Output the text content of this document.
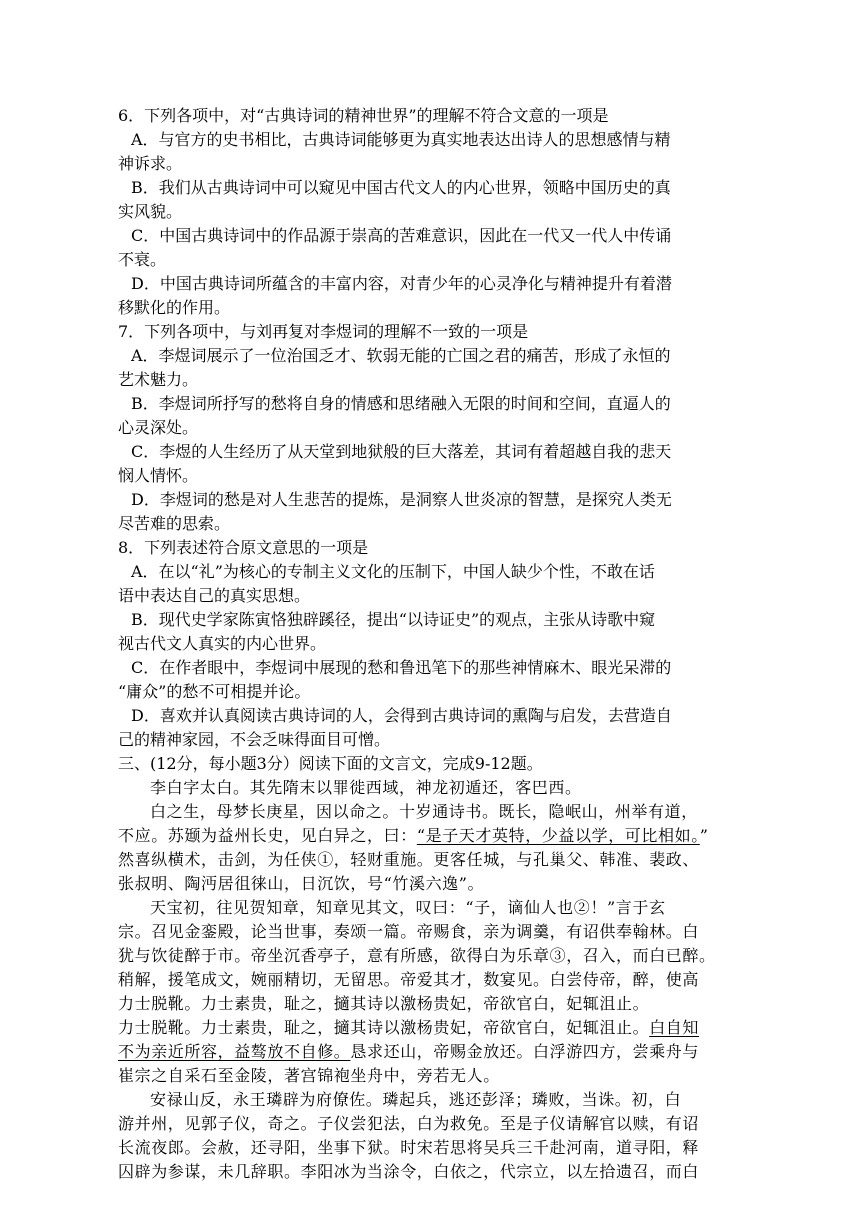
6．下列各项中，对“古典诗词的精神世界”的理解不符合文意的一项是
A．与官方的史书相比，古典诗词能够更为真实地表达出诗人的思想感情与精
神诉求。
B．我们从古典诗词中可以窥见中国古代文人的内心世界，领略中国历史的真
实风貌。
C．中国古典诗词中的作品源于崇高的苦难意识，因此在一代又一代人中传诵
不衰。
D．中国古典诗词所蕴含的丰富内容，对青少年的心灵净化与精神提升有着潜
移默化的作用。
7．下列各项中，与刘再复对李煜词的理解不一致的一项是
A．李煜词展示了一位治国乏才、软弱无能的亡国之君的痛苦，形成了永恒的
艺术魅力。
B．李煜词所抒写的愁将自身的情感和思绪融入无限的时间和空间，直逼人的
心灵深处。
C．李煜的人生经历了从天堂到地狱般的巨大落差，其词有着超越自我的悲天
悯人情怀。
D．李煜词的愁是对人生悲苦的提炼，是洞察人世炎凉的智慧，是探究人类无
尽苦难的思索。
8．下列表述符合原文意思的一项是
A．在以“礼”为核心的专制主义文化的压制下，中国人缺少个性，不敢在话
语中表达自己的真实思想。
B．现代史学家陈寅恪独辟蹊径，提出“以诗证史”的观点，主张从诗歌中窥
视古代文人真实的内心世界。
C．在作者眼中，李煜词中展现的愁和鲁迅笔下的那些神情麻木、眼光呆滞的
“庸众”的愁不可相提并论。
D．喜欢并认真阅读古典诗词的人，会得到古典诗词的熏陶与启发，去营造自
己的精神家园，不会乏味得面目可憎。
三、(12分，每小题3分）阅读下面的文言文，完成9-12题。
李白字太白。其先隋末以罪徙西域，神龙初遁还，客巴西。
白之生，母梦长庚星，因以命之。十岁通诗书。既长，隐岷山，州举有道，
不应。苏颋为益州长史，见白异之，曰：“是子天才英特，少益以学，可比相如。”
然喜纵横术，击剑，为任侠①，轻财重施。更客任城，与孔巢父、韩准、裴政、
张叔明、陶沔居徂徕山，日沉饮，号“竹溪六逸”。
天宝初，往见贺知章，知章见其文，叹曰：“子，谪仙人也②！”言于玄
宗。召见金銮殿，论当世事，奏颂一篇。帝赐食，亲为调羹，有诏供奉翰林。白
犹与饮徒醉于市。帝坐沉香亭子，意有所感，欲得白为乐章③，召入，而白已醉。
稍解，援笔成文，婉丽精切，无留思。帝爱其才，数宴见。白尝侍帝，醉，使高
力士脱靴。力士素贵，耻之，擿其诗以激杨贵妃，帝欲官白，妃辄沮止。
力士脱靴。力士素贵，耻之，擿其诗以激杨贵妃，帝欲官白，妃辄沮止。白自知
不为亲近所容，益骜放不自修。恳求还山，帝赐金放还。白浮游四方，尝乘舟与
崔宗之自采石至金陵，著宫锦袍坐舟中，旁若无人。
安禄山反，永王璘辟为府僚佐。璘起兵，逃还彭泽；璘败，当诛。初，白
游并州，见郭子仪，奇之。子仪尝犯法，白为救免。至是子仪请解官以赎，有诏
长流夜郎。会赦，还寻阳，坐事下狱。时宋若思将吴兵三千赴河南，道寻阳，释
囚辟为参谋，未几辞职。李阳冰为当涂令，白依之，代宗立，以左拾遗召，而白
